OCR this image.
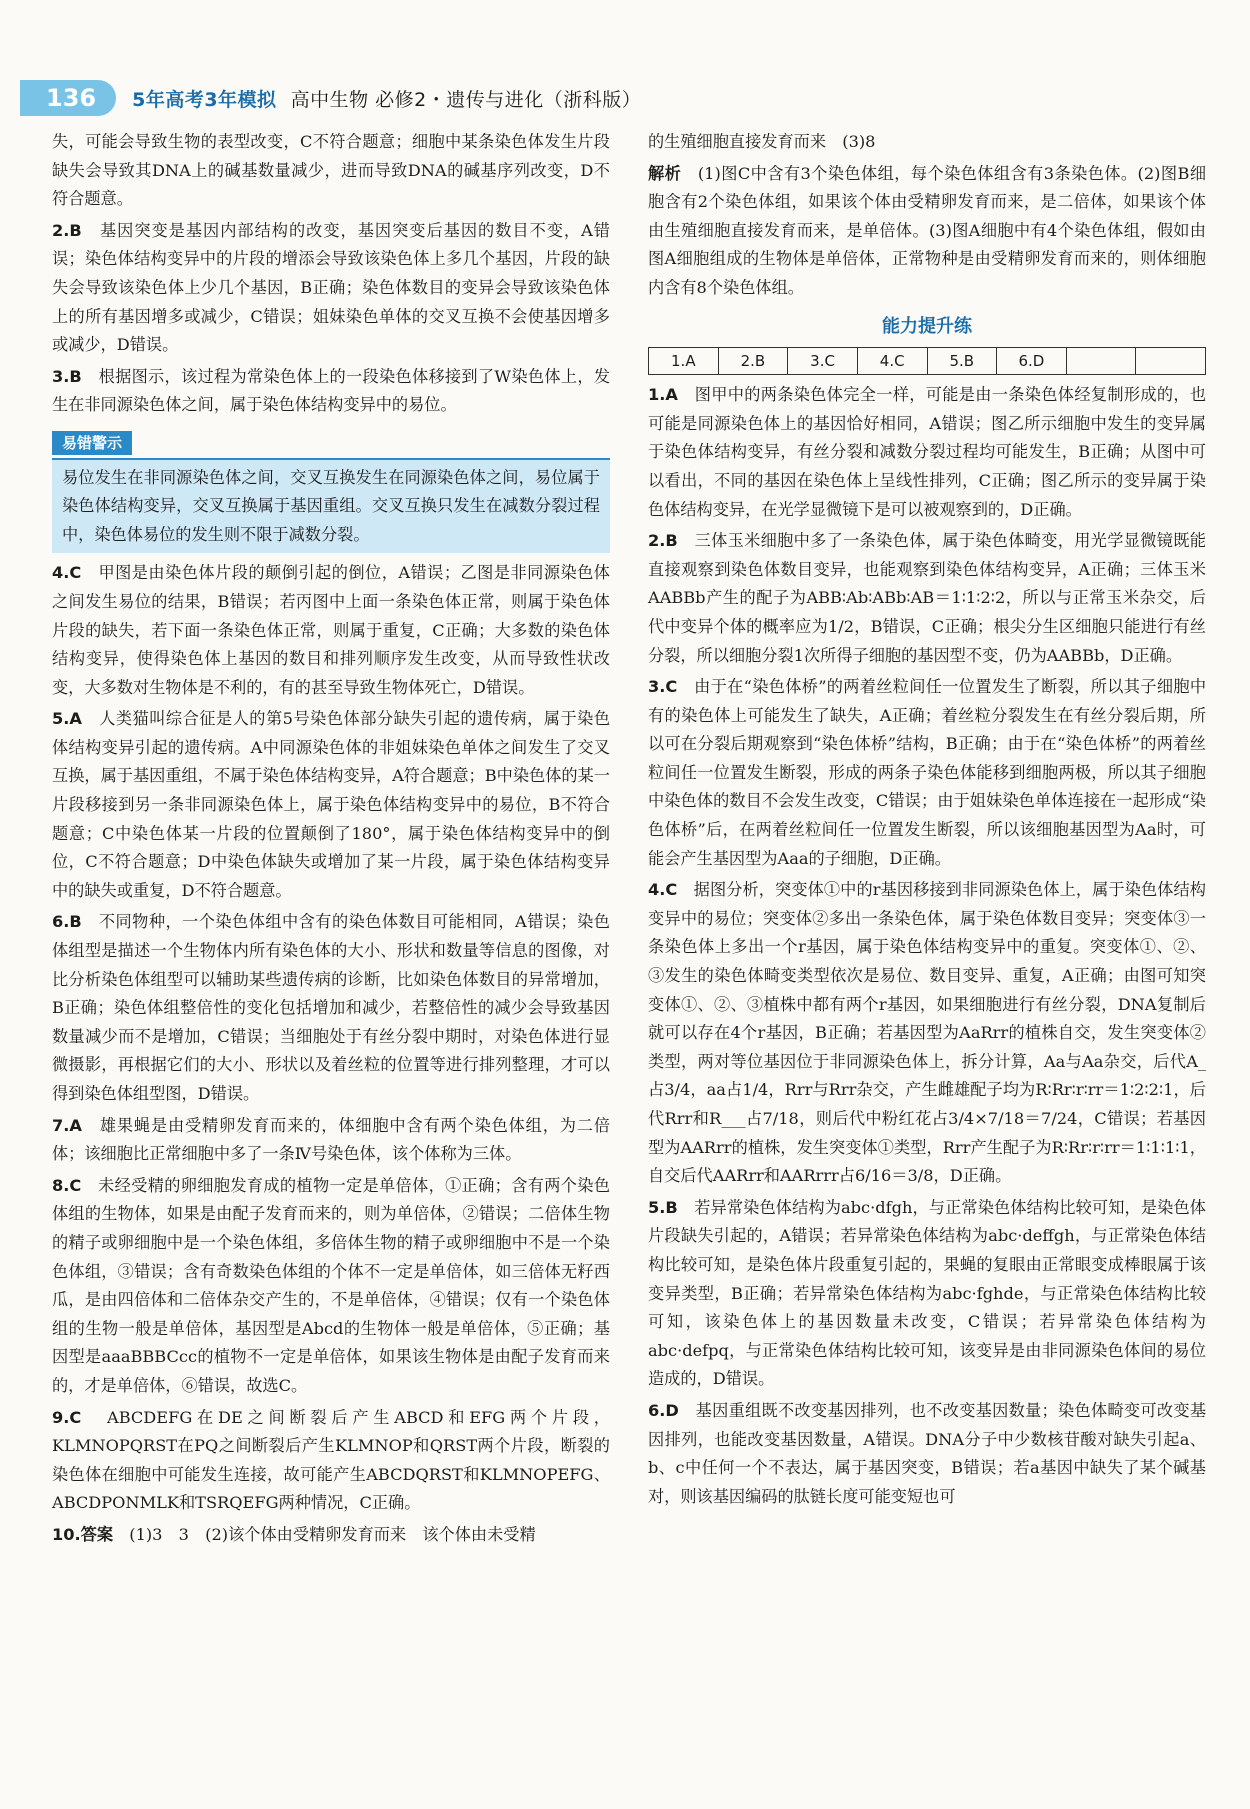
136	5年高考3年模拟 高中生物 必修2・遗传与进化（浙科版）

失，可能会导致生物的表型改变，C不符合题意；细胞中某条染色体发生片段缺失会导致其DNA上的碱基数量减少，进而导致DNA的碱基序列改变，D不符合题意。

2.B　 基因突变是基因内部结构的改变，基因突变后基因的数目不变，A错误；染色体结构变异中的片段的增添会导致该染色体上多几个基因，片段的缺失会导致该染色体上少几个基因，B正确；染色体数目的变异会导致该染色体上的所有基因增多或减少，C错误；姐妹染色单体的交叉互换不会使基因增多或减少，D错误。

3.B　 根据图示，该过程为常染色体上的一段染色体移接到了W染色体上，发生在非同源染色体之间，属于染色体结构变异中的易位。

易错警示
易位发生在非同源染色体之间，交叉互换发生在同源染色体之间，易位属于染色体结构变异，交叉互换属于基因重组。交叉互换只发生在减数分裂过程中，染色体易位的发生则不限于减数分裂。

4.C　 甲图是由染色体片段的颠倒引起的倒位，A错误；乙图是非同源染色体之间发生易位的结果，B错误；若丙图中上面一条染色体正常，则属于染色体片段的缺失，若下面一条染色体正常，则属于重复，C正确；大多数的染色体结构变异，使得染色体上基因的数目和排列顺序发生改变，从而导致性状改变，大多数对生物体是不利的，有的甚至导致生物体死亡，D错误。

5.A　 人类猫叫综合征是人的第5号染色体部分缺失引起的遗传病，属于染色体结构变异引起的遗传病。A中同源染色体的非姐妹染色单体之间发生了交叉互换，属于基因重组，不属于染色体结构变异，A符合题意；B中染色体的某一片段移接到另一条非同源染色体上，属于染色体结构变异中的易位，B不符合题意；C中染色体某一片段的位置颠倒了180°，属于染色体结构变异中的倒位，C不符合题意；D中染色体缺失或增加了某一片段，属于染色体结构变异中的缺失或重复，D不符合题意。

6.B　 不同物种，一个染色体组中含有的染色体数目可能相同，A错误；染色体组型是描述一个生物体内所有染色体的大小、形状和数量等信息的图像，对比分析染色体组型可以辅助某些遗传病的诊断，比如染色体数目的异常增加，B正确；染色体组整倍性的变化包括增加和减少，若整倍性的减少会导致基因数量减少而不是增加，C错误；当细胞处于有丝分裂中期时，对染色体进行显微摄影，再根据它们的大小、形状以及着丝粒的位置等进行排列整理，才可以得到染色体组型图，D错误。

7.A　 雄果蝇是由受精卵发育而来的，体细胞中含有两个染色体组，为二倍体；该细胞比正常细胞中多了一条Ⅳ号染色体，该个体称为三体。

8.C　 未经受精的卵细胞发育成的植物一定是单倍体，①正确；含有两个染色体组的生物体，如果是由配子发育而来的，则为单倍体，②错误；二倍体生物的精子或卵细胞中是一个染色体组，多倍体生物的精子或卵细胞中不是一个染色体组，③错误；含有奇数染色体组的个体不一定是单倍体，如三倍体无籽西瓜，是由四倍体和二倍体杂交产生的，不是单倍体，④错误；仅有一个染色体组的生物一般是单倍体，基因型是Abcd的生物体一般是单倍体，⑤正确；基因型是aaaBBBCcc的植物不一定是单倍体，如果该生物体是由配子发育而来的，才是单倍体，⑥错误，故选C。

9.C　 ABCDEFG在DE之间断裂后产生ABCD和EFG两个片段，KLMNOPQRST在PQ之间断裂后产生KLMNOP和QRST两个片段，断裂的染色体在细胞中可能发生连接，故可能产生ABCDQRST和KLMNOPEFG、ABCDPONMLK和TSRQEFG两种情况，C正确。

10.答案　 (1)3　3　(2)该个体由受精卵发育而来　该个体由未受精

的生殖细胞直接发育而来　(3)8

解析　 (1)图C中含有3个染色体组，每个染色体组含有3条染色体。(2)图B细胞含有2个染色体组，如果该个体由受精卵发育而来，是二倍体，如果该个体由生殖细胞直接发育而来，是单倍体。(3)图A细胞中有4个染色体组，假如由图A细胞组成的生物体是单倍体，正常物种是由受精卵发育而来的，则体细胞内含有8个染色体组。

能力提升练
1.A	2.B	3.C	4.C	5.B	6.D

1.A　 图甲中的两条染色体完全一样，可能是由一条染色体经复制形成的，也可能是同源染色体上的基因恰好相同，A错误；图乙所示细胞中发生的变异属于染色体结构变异，有丝分裂和减数分裂过程均可能发生，B正确；从图中可以看出，不同的基因在染色体上呈线性排列，C正确；图乙所示的变异属于染色体结构变异，在光学显微镜下是可以被观察到的，D正确。

2.B　 三体玉米细胞中多了一条染色体，属于染色体畸变，用光学显微镜既能直接观察到染色体数目变异，也能观察到染色体结构变异，A正确；三体玉米AABBb产生的配子为ABB∶Ab∶ABb∶AB＝1∶1∶2∶2，所以与正常玉米杂交，后代中变异个体的概率应为1/2，B错误，C正确；根尖分生区细胞只能进行有丝分裂，所以细胞分裂1次所得子细胞的基因型不变，仍为AABBb，D正确。

3.C　 由于在“染色体桥”的两着丝粒间任一位置发生了断裂，所以其子细胞中有的染色体上可能发生了缺失，A正确；着丝粒分裂发生在有丝分裂后期，所以可在分裂后期观察到“染色体桥”结构，B正确；由于在“染色体桥”的两着丝粒间任一位置发生断裂，形成的两条子染色体能移到细胞两极，所以其子细胞中染色体的数目不会发生改变，C错误；由于姐妹染色单体连接在一起形成“染色体桥”后，在两着丝粒间任一位置发生断裂，所以该细胞基因型为Aa时，可能会产生基因型为Aaa的子细胞，D正确。

4.C　 据图分析，突变体①中的r基因移接到非同源染色体上，属于染色体结构变异中的易位；突变体②多出一条染色体，属于染色体数目变异；突变体③一条染色体上多出一个r基因，属于染色体结构变异中的重复。突变体①、②、③发生的染色体畸变类型依次是易位、数目变异、重复，A正确；由图可知突变体①、②、③植株中都有两个r基因，如果细胞进行有丝分裂，DNA复制后就可以存在4个r基因，B正确；若基因型为AaRrr的植株自交，发生突变体②类型，两对等位基因位于非同源染色体上，拆分计算，Aa与Aa杂交，后代A_占3/4，aa占1/4，Rrr与Rrr杂交，产生雌雄配子均为R∶Rr∶r∶rr＝1∶2∶2∶1，后代Rrr和R___占7/18，则后代中粉红花占3/4×7/18＝7/24，C错误；若基因型为AARrr的植株，发生突变体①类型，Rrr产生配子为R∶Rr∶r∶rr＝1∶1∶1∶1，自交后代AARrr和AARrrr占6/16＝3/8，D正确。

5.B　 若异常染色体结构为abc·dfgh，与正常染色体结构比较可知，是染色体片段缺失引起的，A错误；若异常染色体结构为abc·deffgh，与正常染色体结构比较可知，是染色体片段重复引起的，果蝇的复眼由正常眼变成棒眼属于该变异类型，B正确；若异常染色体结构为abc·fghde，与正常染色体结构比较可知，该染色体上的基因数量未改变，C错误；若异常染色体结构为abc·defpq，与正常染色体结构比较可知，该变异是由非同源染色体间的易位造成的，D错误。

6.D　 基因重组既不改变基因排列，也不改变基因数量；染色体畸变可改变基因排列，也能改变基因数量，A错误。DNA分子中少数核苷酸对缺失引起a、b、c中任何一个不表达，属于基因突变，B错误；若a基因中缺失了某个碱基对，则该基因编码的肽链长度可能变短也可
